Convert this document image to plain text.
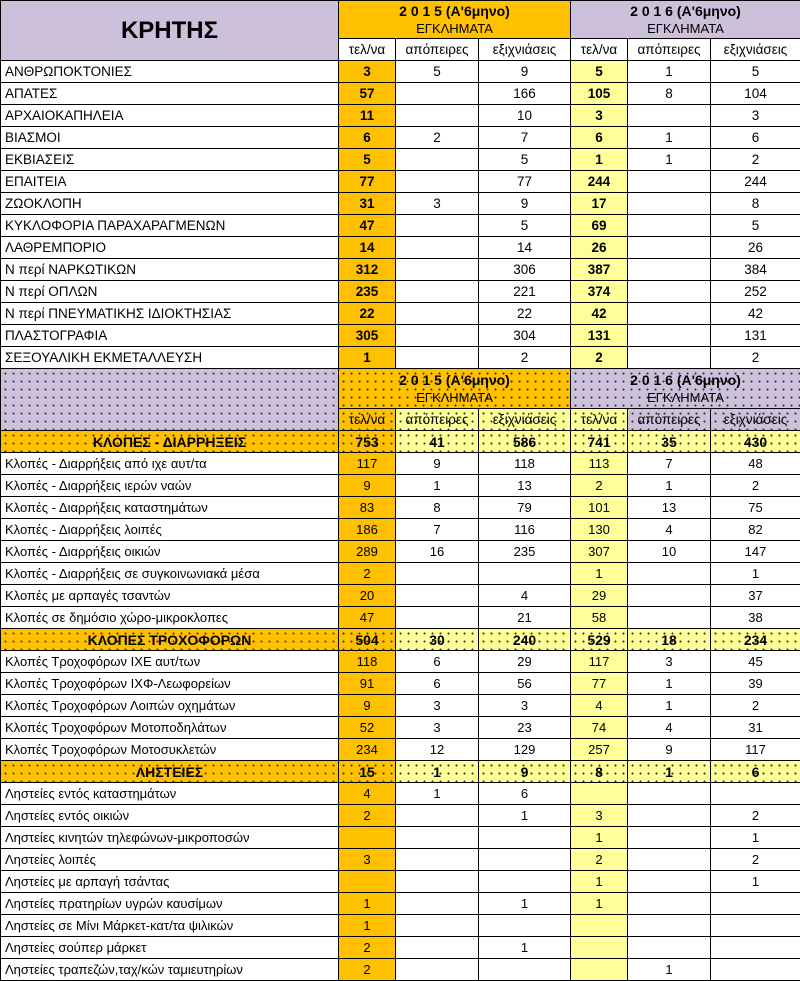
ΚΡΗΤΗΣ	2 0 1 5 (Α'6μηνο)
ΕΓΚΛΗΜΑΤΑ			2 0 1 6 (Α'6μηνο)
ΕΓΚΛΗΜΑΤΑ		

	τελ/να	απόπειρες	εξιχνιάσεις	τελ/να	απόπειρες	εξιχνιάσεις
ΑΝΘΡΩΠΟΚΤΟΝΙΕΣ	3	5	9	5	1	5
ΑΠΑΤΕΣ	57		166	105	8	104
ΑΡΧΑΙΟΚΑΠΗΛΕΙΑ	11		10	3		3
ΒΙΑΣΜΟΙ	6	2	7	6	1	6
ΕΚΒΙΑΣΕΙΣ	5		5	1	1	2
ΕΠΑΙΤΕΙΑ	77		77	244		244
ΖΩΟΚΛΟΠΗ	31	3	9	17		8
ΚΥΚΛΟΦΟΡΙΑ ΠΑΡΑΧΑΡΑΓΜΕΝΩΝ	47		5	69		5
ΛΑΘΡΕΜΠΟΡΙΟ	14		14	26		26
Ν περί ΝΑΡΚΩΤΙΚΩΝ	312		306	387		384
Ν περί ΟΠΛΩΝ	235		221	374		252
Ν περί ΠΝΕΥΜΑΤΙΚΗΣ ΙΔΙΟΚΤΗΣΙΑΣ	22		22	42		42
ΠΛΑΣΤΟΓΡΑΦΙΑ	305		304	131		131
ΣΕΞΟΥΑΛΙΚΗ ΕΚΜΕΤΑΛΛΕΥΣΗ	1		2	2		2

	2 0 1 5 (Α'6μηνο)
ΕΓΚΛΗΜΑΤΑ			2 0 1 6 (Α'6μηνο)
ΕΓΚΛΗΜΑΤΑ		

	τελ/να	απόπειρες	εξιχνιάσεις	τελ/να	απόπειρες	εξιχνιάσεις
ΚΛΟΠΕΣ - ΔΙΑΡΡΗΞΕΙΣ	753	41	586	741	35	430
Κλοπές - Διαρρήξεις από ιχε αυτ/τα	117	9	118	113	7	48
Κλοπές - Διαρρήξεις ιερών ναών	9	1	13	2	1	2
Κλοπές - Διαρρήξεις καταστημάτων	83	8	79	101	13	75
Κλοπές - Διαρρήξεις λοιπές	186	7	116	130	4	82
Κλοπές - Διαρρήξεις οικιών	289	16	235	307	10	147
Κλοπές - Διαρρήξεις σε συγκοινωνιακά μέσα	2			1		1
Κλοπές με αρπαγές τσαντών	20		4	29		37
Κλοπές σε δημόσιο χώρο-μικροκλοπες	47		21	58		38
ΚΛΟΠΕΣ ΤΡΟΧΟΦΟΡΩΝ	504	30	240	529	18	234
Κλοπές Τροχοφόρων ΙΧΕ αυτ/των	118	6	29	117	3	45
Κλοπές Τροχοφόρων ΙΧΦ-Λεωφορείων	91	6	56	77	1	39
Κλοπές Τροχοφόρων Λοιπών οχημάτων	9	3	3	4	1	2
Κλοπές Τροχοφόρων Μοτοποδηλάτων	52	3	23	74	4	31
Κλοπές Τροχοφόρων Μοτοσυκλετών	234	12	129	257	9	117
ΛΗΣΤΕΙΕΣ	15	1	9	8	1	6
Ληστείες εντός καταστημάτων	4	1	6			
Ληστείες εντός οικιών	2		1	3		2
Ληστείες κινητών τηλεφώνων-μικροποσών				1		1
Ληστείες λοιπές	3			2		2
Ληστείες με αρπαγή τσάντας				1		1
Ληστείες πρατηρίων υγρών καυσίμων	1		1	1		
Ληστείες σε Μίνι Μάρκετ-κατ/τα ψιλικών	1					
Ληστείες σούπερ μάρκετ	2		1			
Ληστείες τραπεζών,ταχ/κών ταμιευτηρίων	2				1	
